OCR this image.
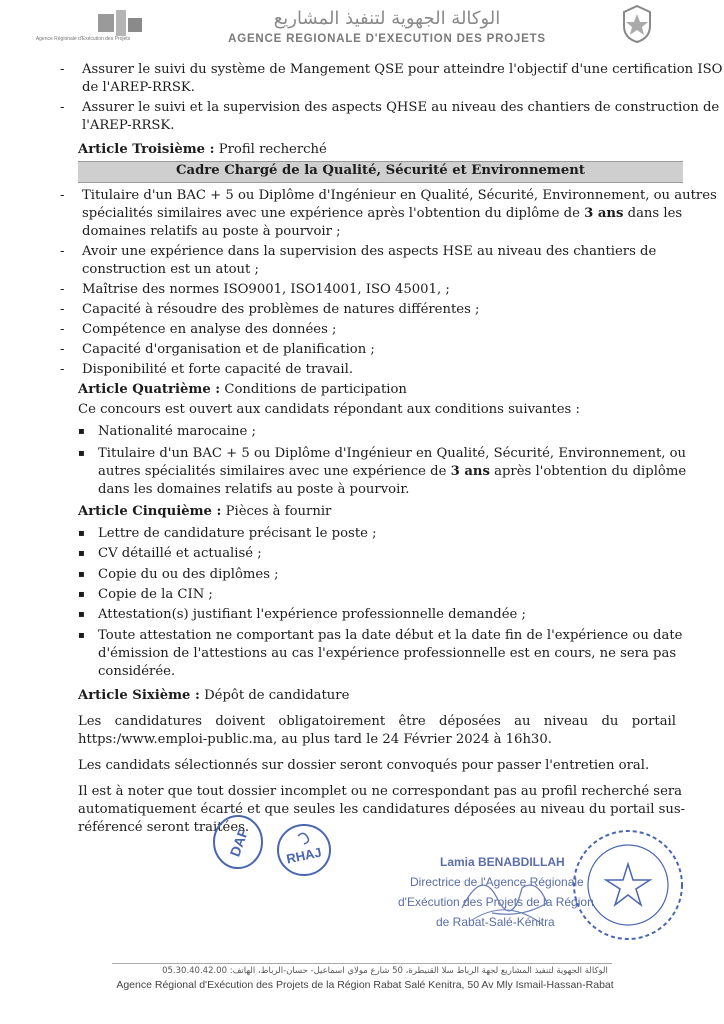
Agence Régionale d'Exécution des Projets
الوكالة الجهوية لتنفيذ المشاريع
AGENCE REGIONALE D'EXECUTION DES PROJETS
- Assurer le suivi du système de Mangement QSE pour atteindre l'objectif d'une certification ISO
de l'AREP-RRSK.
- Assurer le suivi et la supervision des aspects QHSE au niveau des chantiers de construction de
l'AREP-RRSK.
Article Troisième : Profil recherché
Cadre Chargé de la Qualité, Sécurité et Environnement
- Titulaire d'un BAC + 5 ou Diplôme d'Ingénieur en Qualité, Sécurité, Environnement, ou autres
spécialités similaires avec une expérience après l'obtention du diplôme de 3 ans dans les
domaines relatifs au poste à pourvoir ;
- Avoir une expérience dans la supervision des aspects HSE au niveau des chantiers de
construction est un atout ;
- Maîtrise des normes ISO9001, ISO14001, ISO 45001, ;
- Capacité à résoudre des problèmes de natures différentes ;
- Compétence en analyse des données ;
- Capacité d'organisation et de planification ;
- Disponibilité et forte capacité de travail.
Article Quatrième : Conditions de participation
Ce concours est ouvert aux candidats répondant aux conditions suivantes :
▪ Nationalité marocaine ;
▪ Titulaire d'un BAC + 5 ou Diplôme d'Ingénieur en Qualité, Sécurité, Environnement, ou
autres spécialités similaires avec une expérience de 3 ans après l'obtention du diplôme
dans les domaines relatifs au poste à pourvoir.
Article Cinquième : Pièces à fournir
▪ Lettre de candidature précisant le poste ;
▪ CV détaillé et actualisé ;
▪ Copie du ou des diplômes ;
▪ Copie de la CIN ;
▪ Attestation(s) justifiant l'expérience professionnelle demandée ;
▪ Toute attestation ne comportant pas la date début et la date fin de l'expérience ou date
d'émission de l'attestions au cas l'expérience professionnelle est en cours, ne sera pas
considérée.
Article Sixième : Dépôt de candidature
Les candidatures doivent obligatoirement être déposées au niveau du portail
https:/www.emploi-public.ma, au plus tard le 24 Février 2024 à 16h30.
Les candidats sélectionnés sur dossier seront convoqués pour passer l'entretien oral.
Il est à noter que tout dossier incomplet ou ne correspondant pas au profil recherché sera
automatiquement écarté et que seules les candidatures déposées au niveau du portail sus-
référencé seront traitées.
DAF	RHAJ	Lamia BENABDILLAH
Directrice de l'Agence Régionale
d'Exécution des Projets de la Région
de Rabat-Salé-Kénitra
الوكالة الجهوية لتنفيذ المشاريع لجهة الرباط سلا القنيطرة، 50 شارع مولاي اسماعيل- حسان-الرباط، الهاتف: 05.30.40.42.00
Agence Régional d'Exécution des Projets de la Région Rabat Salé Kenitra, 50 Av Mly Ismail-Hassan-Rabat
